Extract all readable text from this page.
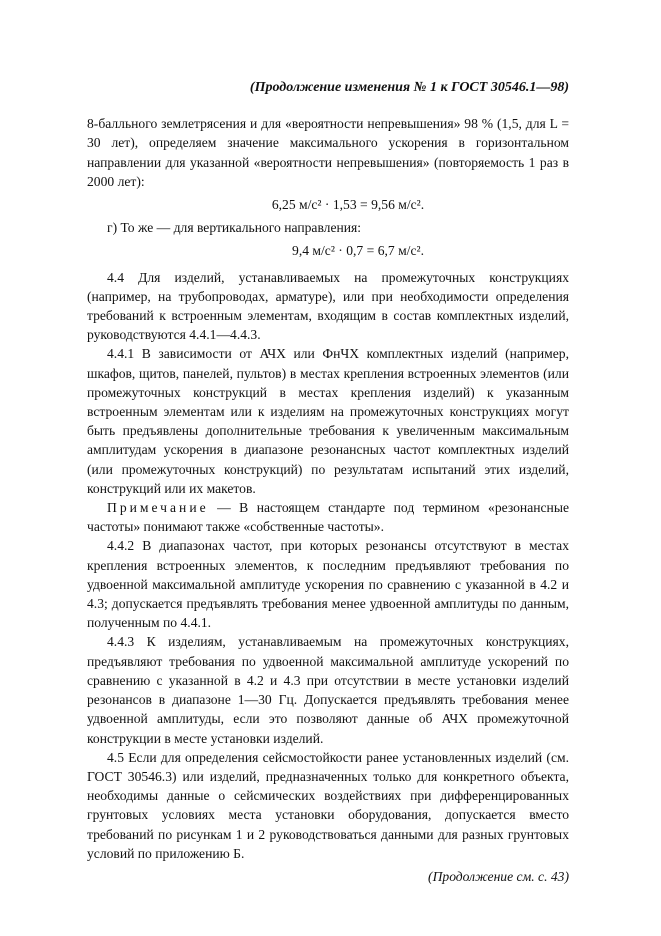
(Продолжение изменения № 1 к ГОСТ 30546.1—98)

8-балльного землетрясения и для «вероятности непревышения» 98 % (1,5, для L = 30 лет), определяем значение максимального ускорения в горизонтальном направлении для указанной «вероятности непревышения» (повторяемость 1 раз в 2000 лет):

6,25 м/с² · 1,53 = 9,56 м/с².

г) То же — для вертикального направления:

9,4 м/с² · 0,7 = 6,7 м/с².

4.4 Для изделий, устанавливаемых на промежуточных конструкциях (например, на трубопроводах, арматуре), или при необходимости определения требований к встроенным элементам, входящим в состав комплектных изделий, руководствуются 4.4.1—4.4.3.

4.4.1 В зависимости от АЧХ или ФнЧХ комплектных изделий (например, шкафов, щитов, панелей, пультов) в местах крепления встроенных элементов (или промежуточных конструкций в местах крепления изделий) к указанным встроенным элементам или к изделиям на промежуточных конструкциях могут быть предъявлены дополнительные требования к увеличенным максимальным амплитудам ускорения в диапазоне резонансных частот комплектных изделий (или промежуточных конструкций) по результатам испытаний этих изделий, конструкций или их макетов.

Примечание — В настоящем стандарте под термином «резонансные частоты» понимают также «собственные частоты».

4.4.2 В диапазонах частот, при которых резонансы отсутствуют в местах крепления встроенных элементов, к последним предъявляют требования по удвоенной максимальной амплитуде ускорения по сравнению с указанной в 4.2 и 4.3; допускается предъявлять требования менее удвоенной амплитуды по данным, полученным по 4.4.1.

4.4.3 К изделиям, устанавливаемым на промежуточных конструкциях, предъявляют требования по удвоенной максимальной амплитуде ускорений по сравнению с указанной в 4.2 и 4.3 при отсутствии в месте установки изделий резонансов в диапазоне 1—30 Гц. Допускается предъявлять требования менее удвоенной амплитуды, если это позволяют данные об АЧХ промежуточной конструкции в месте установки изделий.

4.5 Если для определения сейсмостойкости ранее установленных изделий (см. ГОСТ 30546.3) или изделий, предназначенных только для конкретного объекта, необходимы данные о сейсмических воздействиях при дифференцированных грунтовых условиях места установки оборудования, допускается вместо требований по рисункам 1 и 2 руководствоваться данными для разных грунтовых условий по приложению Б.

(Продолжение см. с. 43)
